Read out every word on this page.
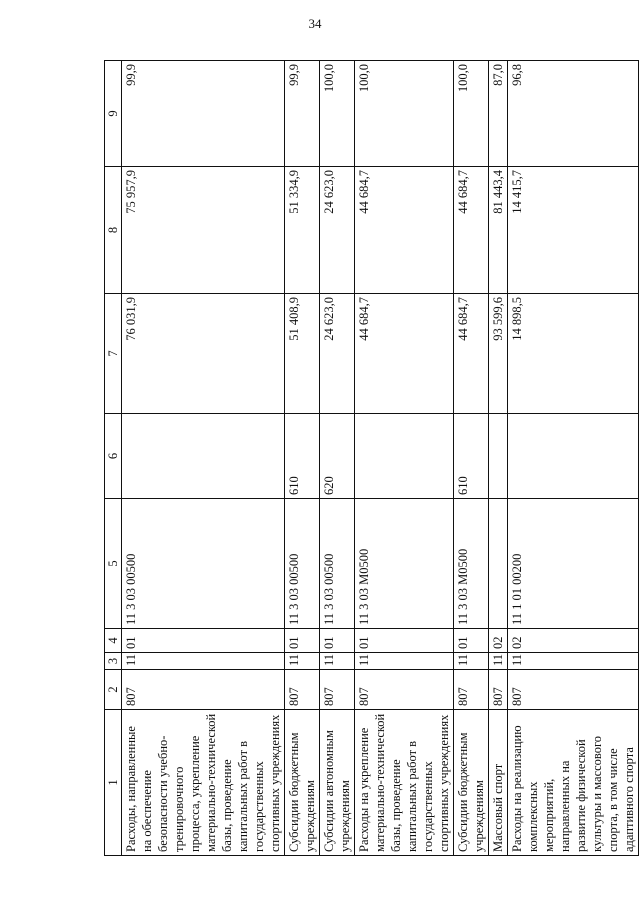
34
1	2	3	4	5	6	7	8	9
Расходы, направленные на обеспечение безопасности учебно-тренировочного процесса, укрепление материально-технической базы, проведение капитальных работ в государственных спортивных учреждениях	807	11	01	11 3 03 00500		76 031,9	75 957,9	99,9
Субсидии бюджетным учреждениям	807	11	01	11 3 03 00500	610	51 408,9	51 334,9	99,9
Субсидии автономным учреждениям	807	11	01	11 3 03 00500	620	24 623,0	24 623,0	100,0
Расходы на укрепление материально-технической базы, проведение капитальных работ в государственных спортивных учреждениях	807	11	01	11 3 03 M0500		44 684,7	44 684,7	100,0
Субсидии бюджетным учреждениям	807	11	01	11 3 03 M0500	610	44 684,7	44 684,7	100,0
Массовый спорт	807	11	02			93 599,6	81 443,4	87,0
Расходы на реализацию комплексных мероприятий, направленных на развитие физической культуры и массового спорта, в том числе адаптивного спорта	807	11	02	11 1 01 00200		14 898,5	14 415,7	96,8
